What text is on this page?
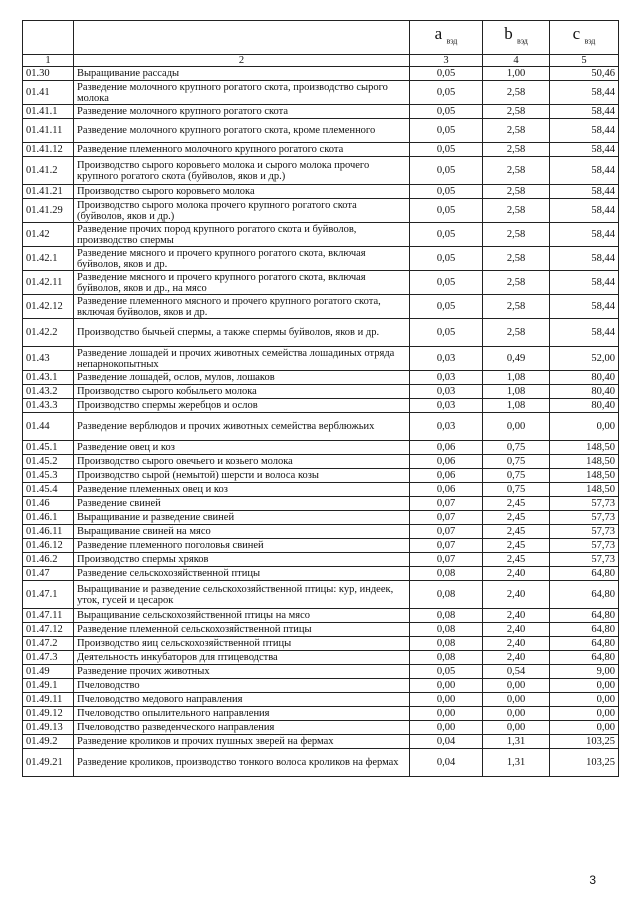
		a $_{вэд}$	b $_{вэд}$	c $_{вэд}$
1	2	3	4	5
01.30	Выращивание рассады	0,05	1,00	50,46
01.41	Разведение молочного крупного рогатого скота, производство сырого молока	0,05	2,58	58,44
01.41.1	Разведение молочного крупного рогатого скота	0,05	2,58	58,44
01.41.11	Разведение молочного крупного рогатого скота, кроме племенного	0,05	2,58	58,44
01.41.12	Разведение племенного молочного крупного рогатого скота	0,05	2,58	58,44
01.41.2	Производство сырого коровьего молока и сырого молока прочего крупного рогатого скота (буйволов, яков и др.)	0,05	2,58	58,44
01.41.21	Производство сырого коровьего молока	0,05	2,58	58,44
01.41.29	Производство сырого молока прочего крупного рогатого скота (буйволов, яков и др.)	0,05	2,58	58,44
01.42	Разведение прочих пород крупного рогатого скота и буйволов, производство спермы	0,05	2,58	58,44
01.42.1	Разведение мясного и прочего крупного рогатого скота, включая буйволов, яков и др.	0,05	2,58	58,44
01.42.11	Разведение мясного и прочего крупного рогатого скота, включая буйволов, яков и др., на мясо	0,05	2,58	58,44
01.42.12	Разведение племенного мясного и прочего крупного рогатого скота, включая буйволов, яков и др.	0,05	2,58	58,44
01.42.2	Производство бычьей спермы, а также спермы буйволов, яков и др.	0,05	2,58	58,44
01.43	Разведение лошадей и прочих животных семейства лошадиных отряда непарнокопытных	0,03	0,49	52,00
01.43.1	Разведение лошадей, ослов, мулов, лошаков	0,03	1,08	80,40
01.43.2	Производство сырого кобыльего молока	0,03	1,08	80,40
01.43.3	Производство спермы жеребцов и ослов	0,03	1,08	80,40
01.44	Разведение верблюдов и прочих животных семейства верблюжьих	0,03	0,00	0,00
01.45.1	Разведение овец и коз	0,06	0,75	148,50
01.45.2	Производство сырого овечьего и козьего молока	0,06	0,75	148,50
01.45.3	Производство сырой (немытой) шерсти и волоса козы	0,06	0,75	148,50
01.45.4	Разведение племенных овец и коз	0,06	0,75	148,50
01.46	Разведение свиней	0,07	2,45	57,73
01.46.1	Выращивание и разведение свиней	0,07	2,45	57,73
01.46.11	Выращивание свиней на мясо	0,07	2,45	57,73
01.46.12	Разведение племенного поголовья свиней	0,07	2,45	57,73
01.46.2	Производство спермы хряков	0,07	2,45	57,73
01.47	Разведение сельскохозяйственной птицы	0,08	2,40	64,80
01.47.1	Выращивание и разведение сельскохозяйственной птицы: кур, индеек, уток, гусей и цесарок	0,08	2,40	64,80
01.47.11	Выращивание сельскохозяйственной птицы на мясо	0,08	2,40	64,80
01.47.12	Разведение племенной сельскохозяйственной птицы	0,08	2,40	64,80
01.47.2	Производство яиц сельскохозяйственной птицы	0,08	2,40	64,80
01.47.3	Деятельность инкубаторов для птицеводства	0,08	2,40	64,80
01.49	Разведение прочих животных	0,05	0,54	9,00
01.49.1	Пчеловодство	0,00	0,00	0,00
01.49.11	Пчеловодство медового направления	0,00	0,00	0,00
01.49.12	Пчеловодство опылительного направления	0,00	0,00	0,00
01.49.13	Пчеловодство разведенческого направления	0,00	0,00	0,00
01.49.2	Разведение кроликов и прочих пушных зверей на фермах	0,04	1,31	103,25
01.49.21	Разведение кроликов, производство тонкого волоса кроликов на фермах	0,04	1,31	103,25
3
